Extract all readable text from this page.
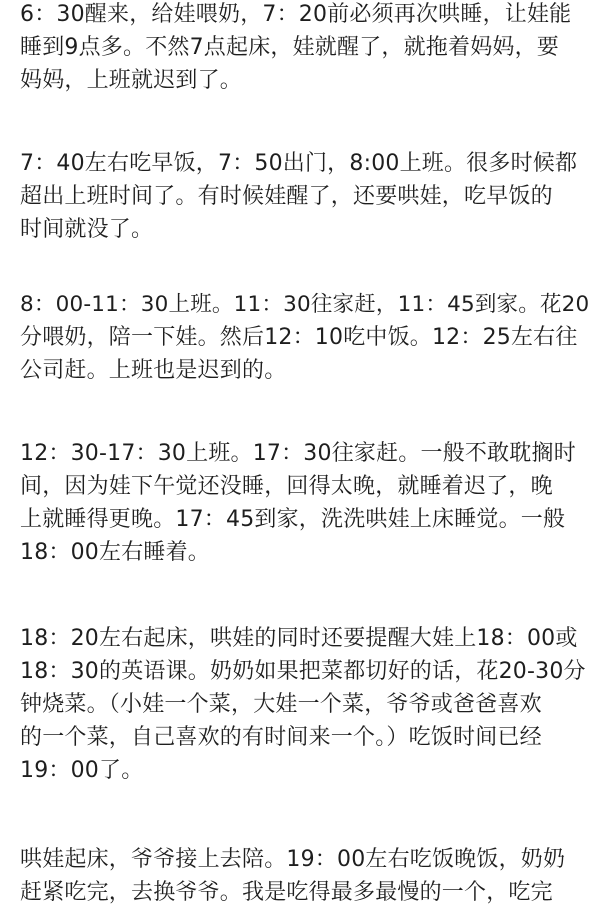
6：30醒来，给娃喂奶，7：20前必须再次哄睡，让娃能
睡到9点多。不然7点起床，娃就醒了，就拖着妈妈，要
妈妈，上班就迟到了。

7：40左右吃早饭，7：50出门，8:00上班。很多时候都
超出上班时间了。有时候娃醒了，还要哄娃，吃早饭的
时间就没了。

8：00-11：30上班。11：30往家赶，11：45到家。花20
分喂奶，陪一下娃。然后12：10吃中饭。12：25左右往
公司赶。上班也是迟到的。

12：30-17：30上班。17：30往家赶。一般不敢耽搁时
间，因为娃下午觉还没睡，回得太晚，就睡着迟了，晚
上就睡得更晚。17：45到家，洗洗哄娃上床睡觉。一般
18：00左右睡着。

18：20左右起床，哄娃的同时还要提醒大娃上18：00或
18：30的英语课。奶奶如果把菜都切好的话，花20-30分
钟烧菜。（小娃一个菜，大娃一个菜，爷爷或爸爸喜欢
的一个菜，自己喜欢的有时间来一个。）吃饭时间已经
19：00了。

哄娃起床，爷爷接上去陪。19：00左右吃饭晚饭，奶奶
赶紧吃完，去换爷爷。我是吃得最多最慢的一个，吃完
